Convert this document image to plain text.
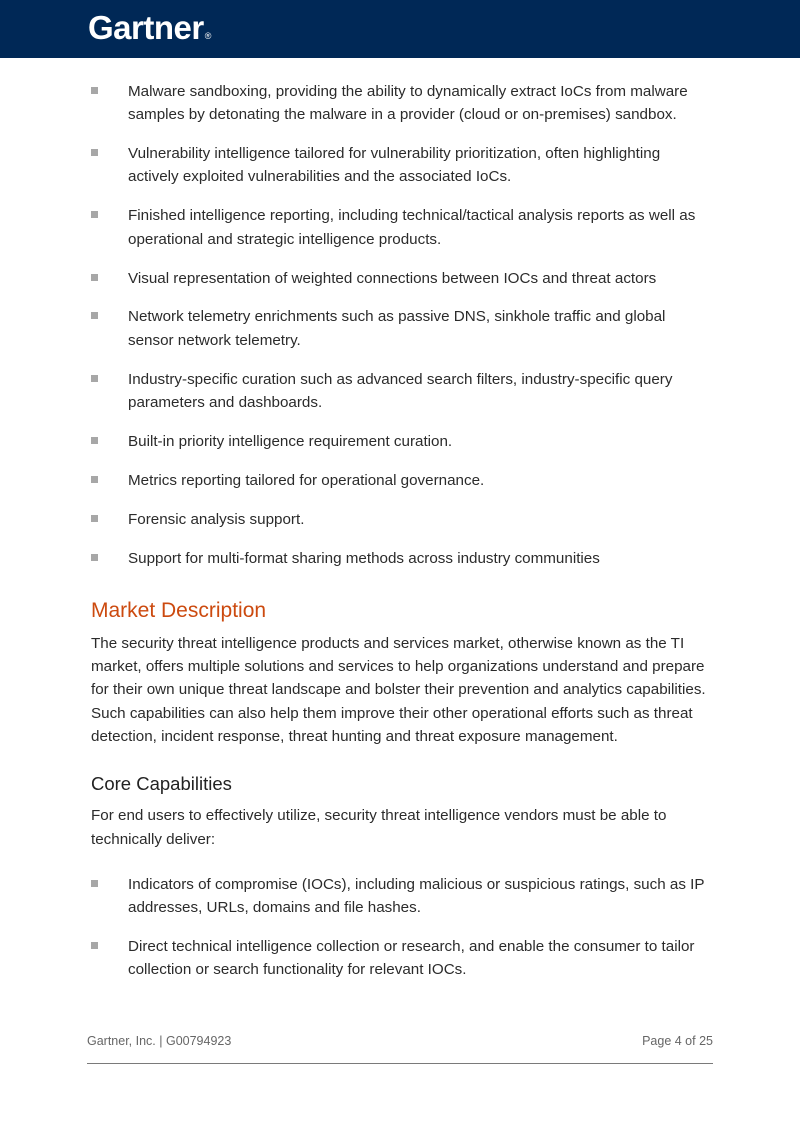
Gartner®
Malware sandboxing, providing the ability to dynamically extract IoCs from malware samples by detonating the malware in a provider (cloud or on-premises) sandbox.
Vulnerability intelligence tailored for vulnerability prioritization, often highlighting actively exploited vulnerabilities and the associated IoCs.
Finished intelligence reporting, including technical/tactical analysis reports as well as operational and strategic intelligence products.
Visual representation of weighted connections between IOCs and threat actors
Network telemetry enrichments such as passive DNS, sinkhole traffic and global sensor network telemetry.
Industry-specific curation such as advanced search filters, industry-specific query parameters and dashboards.
Built-in priority intelligence requirement curation.
Metrics reporting tailored for operational governance.
Forensic analysis support.
Support for multi-format sharing methods across industry communities
Market Description

The security threat intelligence products and services market, otherwise known as the TI market, offers multiple solutions and services to help organizations understand and prepare for their own unique threat landscape and bolster their prevention and analytics capabilities. Such capabilities can also help them improve their other operational efforts such as threat detection, incident response, threat hunting and threat exposure management.

Core Capabilities

For end users to effectively utilize, security threat intelligence vendors must be able to technically deliver:

Indicators of compromise (IOCs), including malicious or suspicious ratings, such as IP addresses, URLs, domains and file hashes.
Direct technical intelligence collection or research, and enable the consumer to tailor collection or search functionality for relevant IOCs.
Gartner, Inc. | G00794923	Page 4 of 25
